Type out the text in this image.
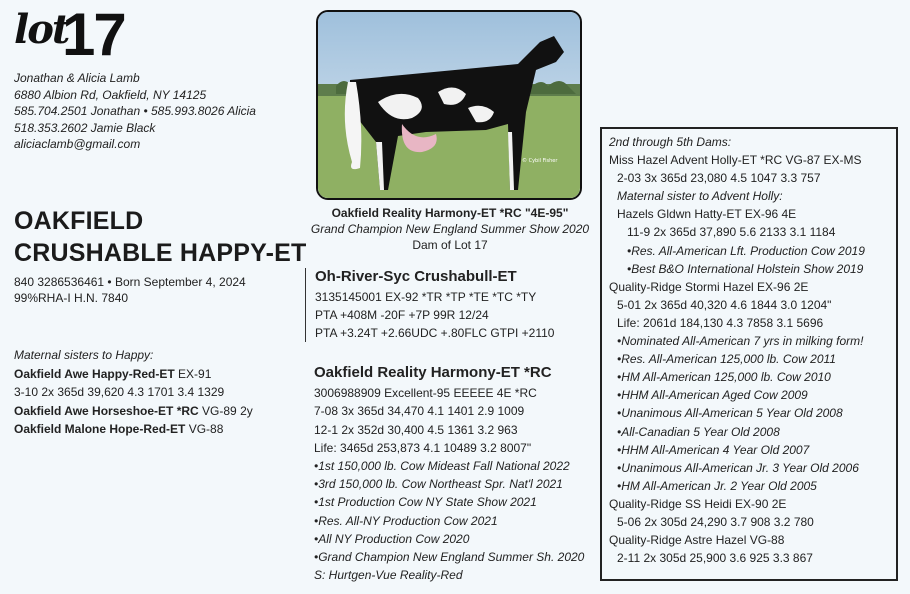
lot
17
Jonathan & Alicia Lamb
6880 Albion Rd, Oakfield, NY 14125
585.704.2501 Jonathan • 585.993.8026 Alicia
518.353.2602 Jamie Black
aliciaclamb@gmail.com
OAKFIELD
CRUSHABLE HAPPY-ET
840 3286536461 • Born September 4, 2024
99%RHA-I H.N. 7840
Maternal sisters to Happy:
Oakfield Awe Happy-Red-ET EX-91
3-10 2x 365d 39,620 4.3 1701 3.4 1329
Oakfield Awe Horseshoe-ET *RC VG-89 2y
Oakfield Malone Hope-Red-ET VG-88
© Cybil Fisher
Oakfield Reality Harmony-ET *RC "4E-95"
Grand Champion New England Summer Show 2020
Dam of Lot 17
Oh-River-Syc Crushabull-ET
3135145001 EX-92 *TR *TP *TE *TC *TY
PTA +408M -20F +7P 99R 12/24
PTA +3.24T +2.66UDC +.80FLC GTPI +2110
Oakfield Reality Harmony-ET *RC
3006988909 Excellent-95 EEEEE 4E *RC
7-08 3x 365d 34,470 4.1 1401 2.9 1009
12-1 2x 352d 30,400 4.5 1361 3.2 963
Life: 3465d 253,873 4.1 10489 3.2 8007"
•1st 150,000 lb. Cow Mideast Fall National 2022
•3rd 150,000 lb. Cow Northeast Spr. Nat'l 2021
•1st Production Cow NY State Show 2021
•Res. All-NY Production Cow 2021
•All NY Production Cow 2020
•Grand Champion New England Summer Sh. 2020
S: Hurtgen-Vue Reality-Red
2nd through 5th Dams:
Miss Hazel Advent Holly-ET *RC VG-87 EX-MS
2-03 3x 365d 23,080 4.5 1047 3.3 757
Maternal sister to Advent Holly:
Hazels Gldwn Hatty-ET EX-96 4E
11-9 2x 365d 37,890 5.6 2133 3.1 1184
•Res. All-American Lft. Production Cow 2019
•Best B&O International Holstein Show 2019
Quality-Ridge Stormi Hazel EX-96 2E
5-01 2x 365d 40,320 4.6 1844 3.0 1204"
Life: 2061d 184,130 4.3 7858 3.1 5696
•Nominated All-American 7 yrs in milking form!
•Res. All-American 125,000 lb. Cow 2011
•HM All-American 125,000 lb. Cow 2010
•HHM All-American Aged Cow 2009
•Unanimous All-American 5 Year Old 2008
•All-Canadian 5 Year Old 2008
•HHM All-American 4 Year Old 2007
•Unanimous All-American Jr. 3 Year Old 2006
•HM All-American Jr. 2 Year Old 2005
Quality-Ridge SS Heidi EX-90 2E
5-06 2x 305d 24,290 3.7 908 3.2 780
Quality-Ridge Astre Hazel VG-88
2-11 2x 305d 25,900 3.6 925 3.3 867
